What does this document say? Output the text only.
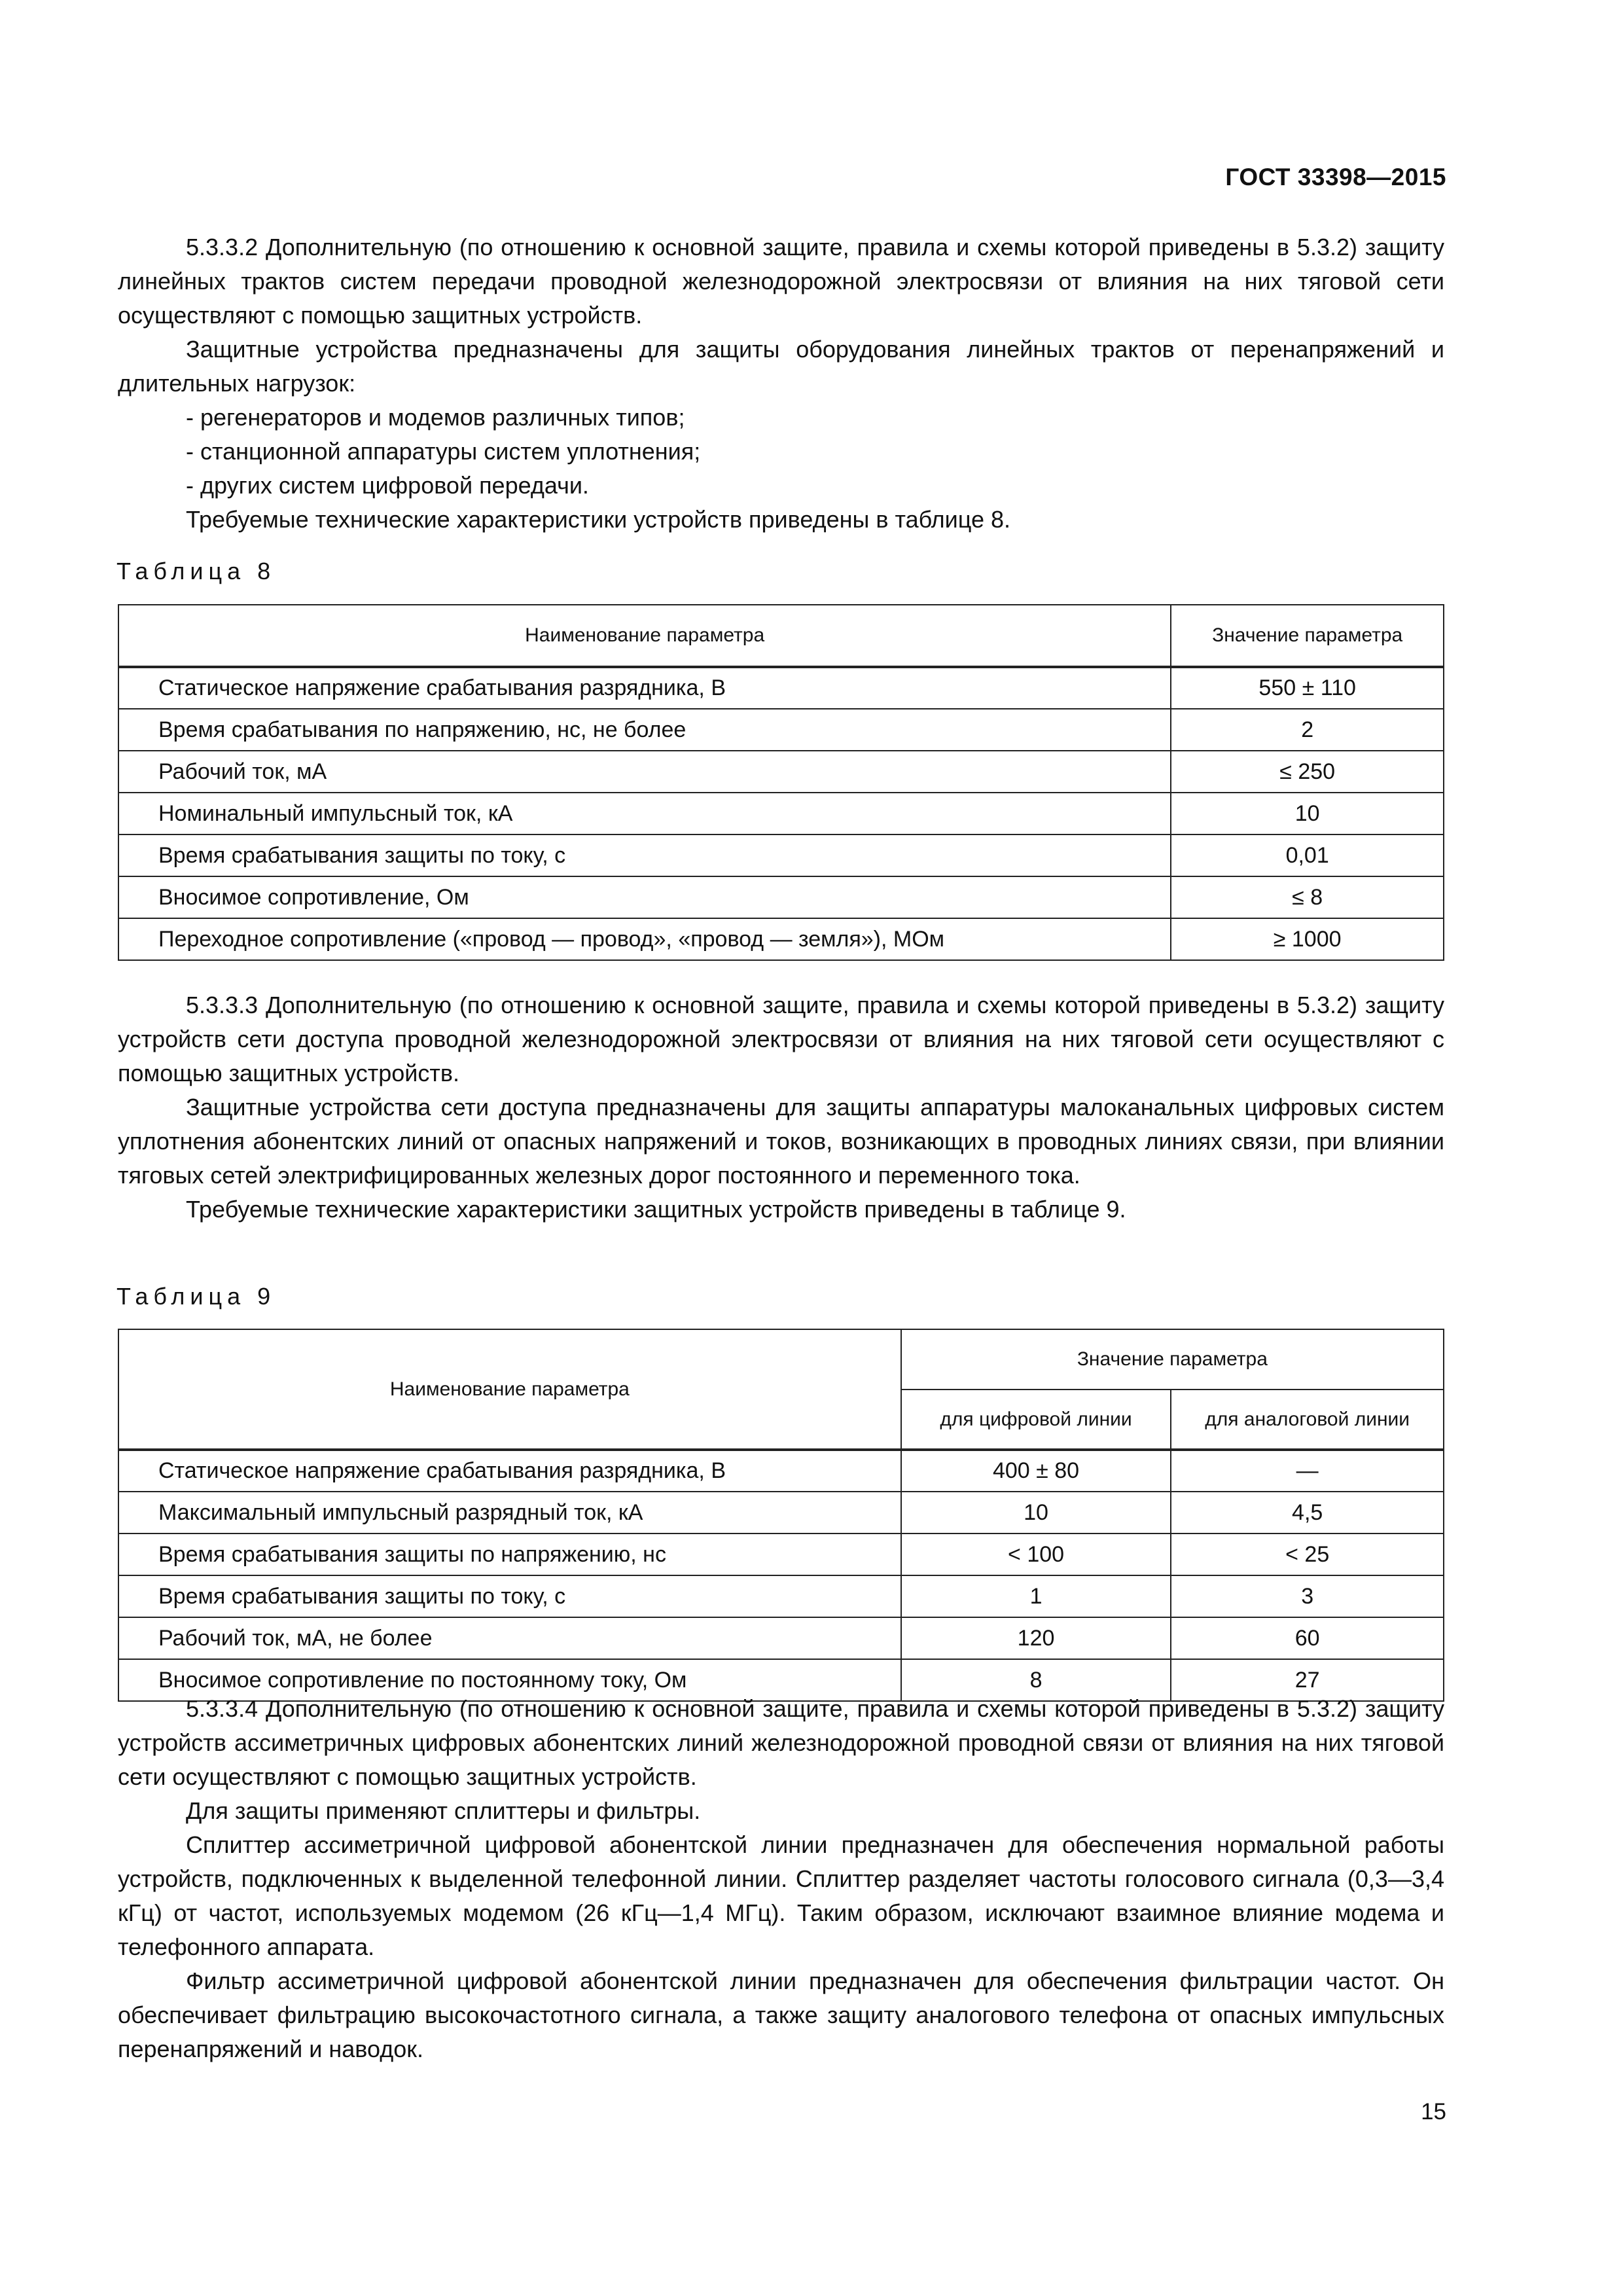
ГОСТ 33398—2015

5.3.3.2 Дополнительную (по отношению к основной защите, правила и схемы которой приведены в 5.3.2) защиту линейных трактов систем передачи проводной железнодорожной электросвязи от влияния на них тяговой сети осуществляют с помощью защитных устройств.

Защитные устройства предназначены для защиты оборудования линейных трактов от перенапряжений и длительных нагрузок:

- регенераторов и модемов различных типов;

- станционной аппаратуры систем уплотнения;

- других систем цифровой передачи.

Требуемые технические характеристики устройств приведены в таблице 8.

Таблица 8
Наименование параметра	Значение параметра
Статическое напряжение срабатывания разрядника, В	550 ± 110
Время срабатывания по напряжению, нс, не более	2
Рабочий ток, мА	≤ 250
Номинальный импульсный ток, кА	10
Время срабатывания защиты по току, с	0,01
Вносимое сопротивление, Ом	≤ 8
Переходное сопротивление («провод — провод», «провод — земля»), МОм	≥ 1000

5.3.3.3 Дополнительную (по отношению к основной защите, правила и схемы которой приведены в 5.3.2) защиту устройств сети доступа проводной железнодорожной электросвязи от влияния на них тяговой сети осуществляют с помощью защитных устройств.

Защитные устройства сети доступа предназначены для защиты аппаратуры малоканальных цифровых систем уплотнения абонентских линий от опасных напряжений и токов, возникающих в проводных линиях связи, при влиянии тяговых сетей электрифицированных железных дорог постоянного и переменного тока.

Требуемые технические характеристики защитных устройств приведены в таблице 9.

Таблица 9
Наименование параметра	Значение параметра	
	для цифровой линии	для аналоговой линии
Статическое напряжение срабатывания разрядника, В	400 ± 80	—
Максимальный импульсный разрядный ток, кА	10	4,5
Время срабатывания защиты по напряжению, нс	< 100	< 25
Время срабатывания защиты по току, с	1	3
Рабочий ток, мА, не более	120	60
Вносимое сопротивление по постоянному току, Ом	8	27

5.3.3.4 Дополнительную (по отношению к основной защите, правила и схемы которой приведены в 5.3.2) защиту устройств ассиметричных цифровых абонентских линий железнодорожной проводной связи от влияния на них тяговой сети осуществляют с помощью защитных устройств.

Для защиты применяют сплиттеры и фильтры.

Сплиттер ассиметричной цифровой абонентской линии предназначен для обеспечения нормальной работы устройств, подключенных к выделенной телефонной линии. Сплиттер разделяет частоты голосового сигнала (0,3—3,4 кГц) от частот, используемых модемом (26 кГц—1,4 МГц). Таким образом, исключают взаимное влияние модема и телефонного аппарата.

Фильтр ассиметричной цифровой абонентской линии предназначен для обеспечения фильтрации частот. Он обеспечивает фильтрацию высокочастотного сигнала, а также защиту аналогового телефона от опасных импульсных перенапряжений и наводок.

15
